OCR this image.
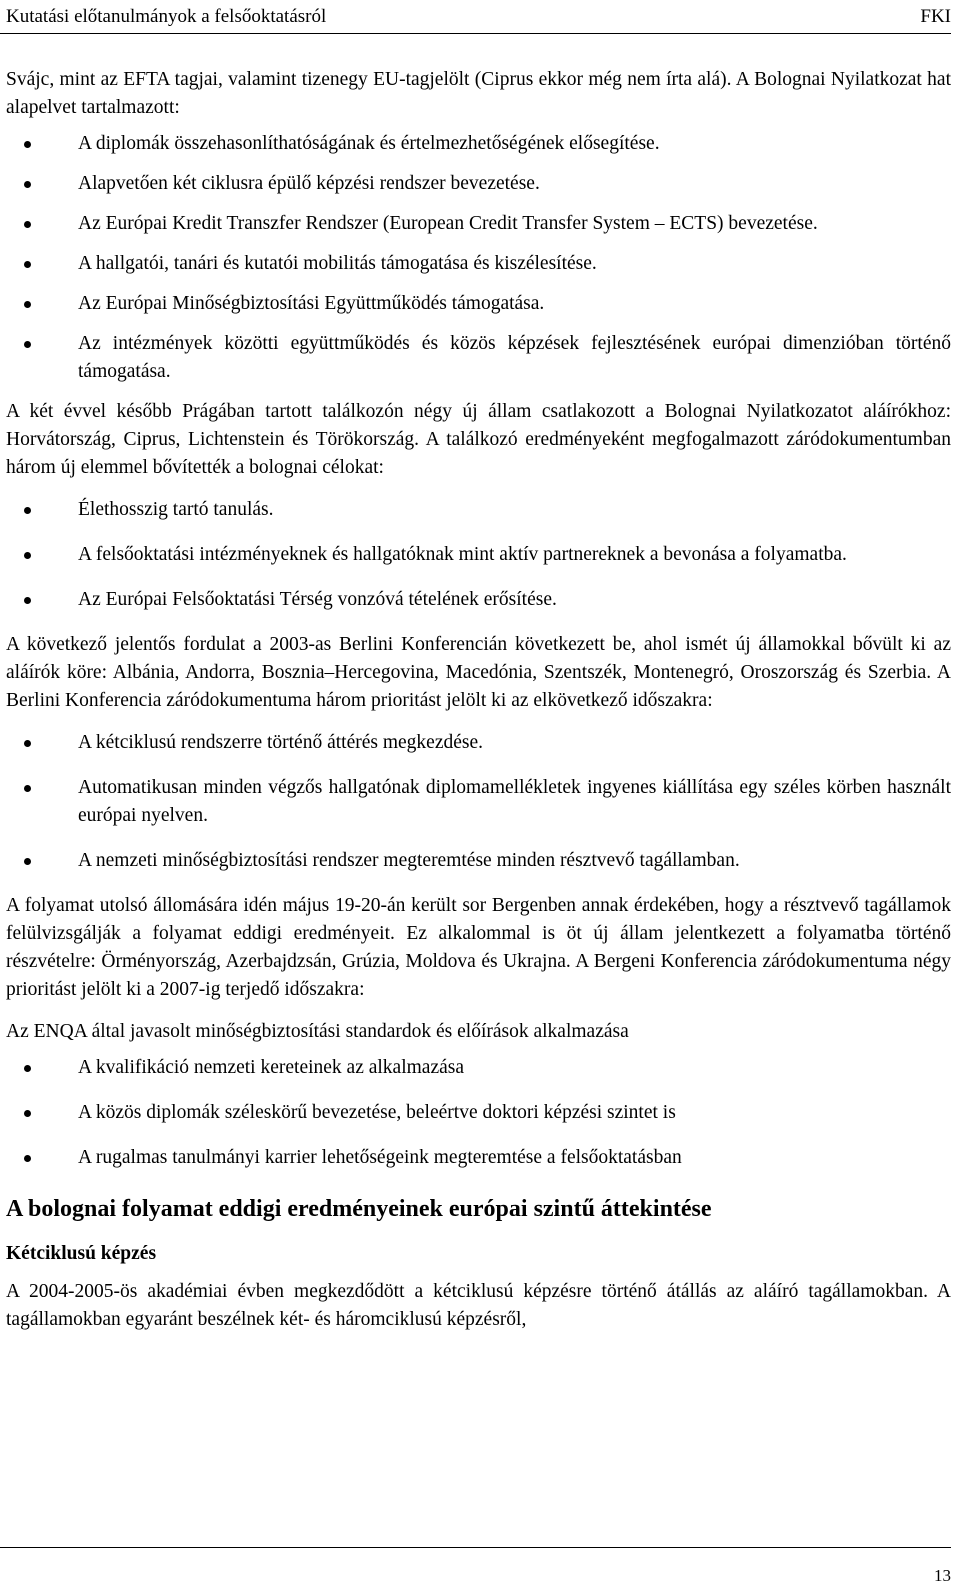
Kutatási előtanulmányok a felsőoktatásról	FKI

Svájc, mint az EFTA tagjai, valamint tizenegy EU-tagjelölt (Ciprus ekkor még nem írta alá). A Bolognai Nyilatkozat hat alapelvet tartalmazott:

A diplomák összehasonlíthatóságának és értelmezhetőségének elősegítése.
Alapvetően két ciklusra épülő képzési rendszer bevezetése.
Az Európai Kredit Transzfer Rendszer (European Credit Transfer System – ECTS) bevezetése.
A hallgatói, tanári és kutatói mobilitás támogatása és kiszélesítése.
Az Európai Minőségbiztosítási Együttműködés támogatása.
Az intézmények közötti együttműködés és közös képzések fejlesztésének európai dimenzióban történő támogatása.

A két évvel később Prágában tartott találkozón négy új állam csatlakozott a Bolognai Nyilatkozatot aláírókhoz: Horvátország, Ciprus, Lichtenstein és Törökország. A találkozó eredményeként megfogalmazott záródokumentumban három új elemmel bővítették a bolognai célokat:

Élethosszig tartó tanulás.
A felsőoktatási intézményeknek és hallgatóknak mint aktív partnereknek a bevonása a folyamatba.
Az Európai Felsőoktatási Térség vonzóvá tételének erősítése.

A következő jelentős fordulat a 2003-as Berlini Konferencián következett be, ahol ismét új államokkal bővült ki az aláírók köre: Albánia, Andorra, Bosznia–Hercegovina, Macedónia, Szentszék, Montenegró, Oroszország és Szerbia. A Berlini Konferencia záródokumentuma három prioritást jelölt ki az elkövetkező időszakra:

A kétciklusú rendszerre történő áttérés megkezdése.
Automatikusan minden végzős hallgatónak diplomamellékletek ingyenes kiállítása egy széles körben használt európai nyelven.
A nemzeti minőségbiztosítási rendszer megteremtése minden résztvevő tagállamban.

A folyamat utolsó állomására idén május 19-20-án került sor Bergenben annak érdekében, hogy a résztvevő tagállamok felülvizsgálják a folyamat eddigi eredményeit. Ez alkalommal is öt új állam jelentkezett a folyamatba történő részvételre: Örményország, Azerbajdzsán, Grúzia, Moldova és Ukrajna. A Bergeni Konferencia záródokumentuma négy prioritást jelölt ki a 2007-ig terjedő időszakra:

Az ENQA által javasolt minőségbiztosítási standardok és előírások alkalmazása

A kvalifikáció nemzeti kereteinek az alkalmazása
A közös diplomák széleskörű bevezetése, beleértve doktori képzési szintet is
A rugalmas tanulmányi karrier lehetőségeink megteremtése a felsőoktatásban
A bolognai folyamat eddigi eredményeinek európai szintű áttekintése
Kétciklusú képzés

A 2004-2005-ös akadémiai évben megkezdődött a kétciklusú képzésre történő átállás az aláíró tagállamokban. A tagállamokban egyaránt beszélnek két- és háromciklusú képzésről,

13
